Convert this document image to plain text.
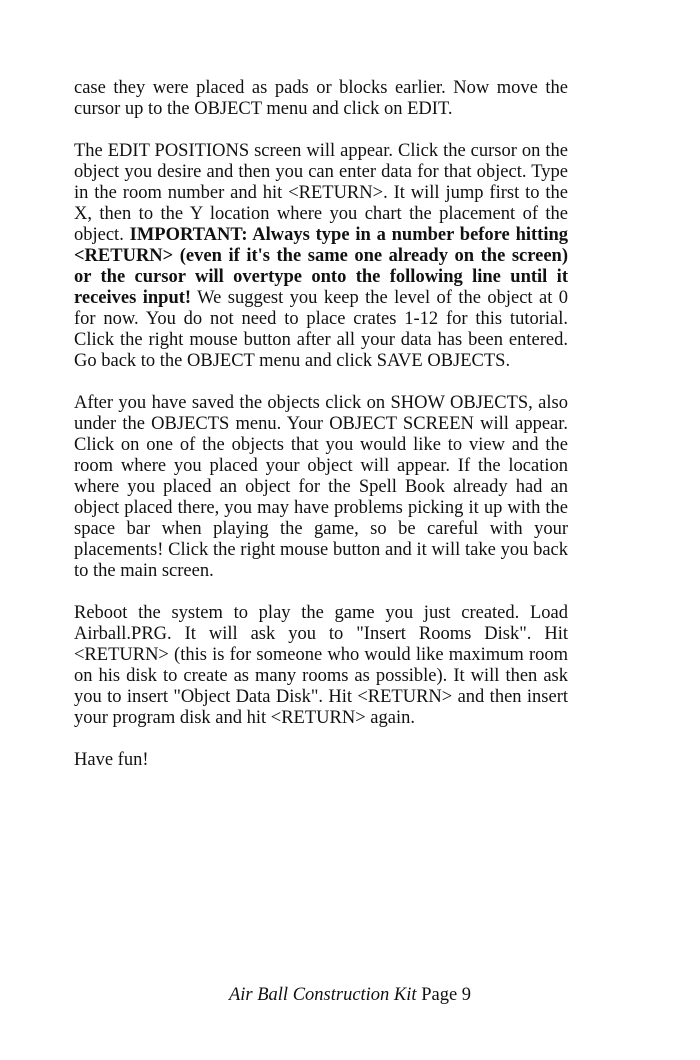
case they were placed as pads or blocks earlier. Now move the cursor up to the OBJECT menu and click on EDIT.

The EDIT POSITIONS screen will appear. Click the cursor on the object you desire and then you can enter data for that object. Type in the room number and hit <RETURN>. It will jump first to the X, then to the Y location where you chart the placement of the object. IMPORTANT: Always type in a number before hitting <RETURN> (even if it's the same one already on the screen) or the cursor will overtype onto the following line until it receives input! We suggest you keep the level of the object at 0 for now. You do not need to place crates 1-12 for this tutorial. Click the right mouse button after all your data has been entered. Go back to the OBJECT menu and click SAVE OBJECTS.

After you have saved the objects click on SHOW OBJECTS, also under the OBJECTS menu. Your OBJECT SCREEN will appear. Click on one of the objects that you would like to view and the room where you placed your object will appear. If the location where you placed an object for the Spell Book already had an object placed there, you may have problems picking it up with the space bar when playing the game, so be careful with your placements! Click the right mouse button and it will take you back to the main screen.

Reboot the system to play the game you just created. Load Airball.PRG. It will ask you to "Insert Rooms Disk". Hit <RETURN> (this is for someone who would like maximum room on his disk to create as many rooms as possible). It will then ask you to insert "Object Data Disk". Hit <RETURN> and then insert your program disk and hit <RETURN> again.

Have fun!

Air Ball Construction Kit Page 9
